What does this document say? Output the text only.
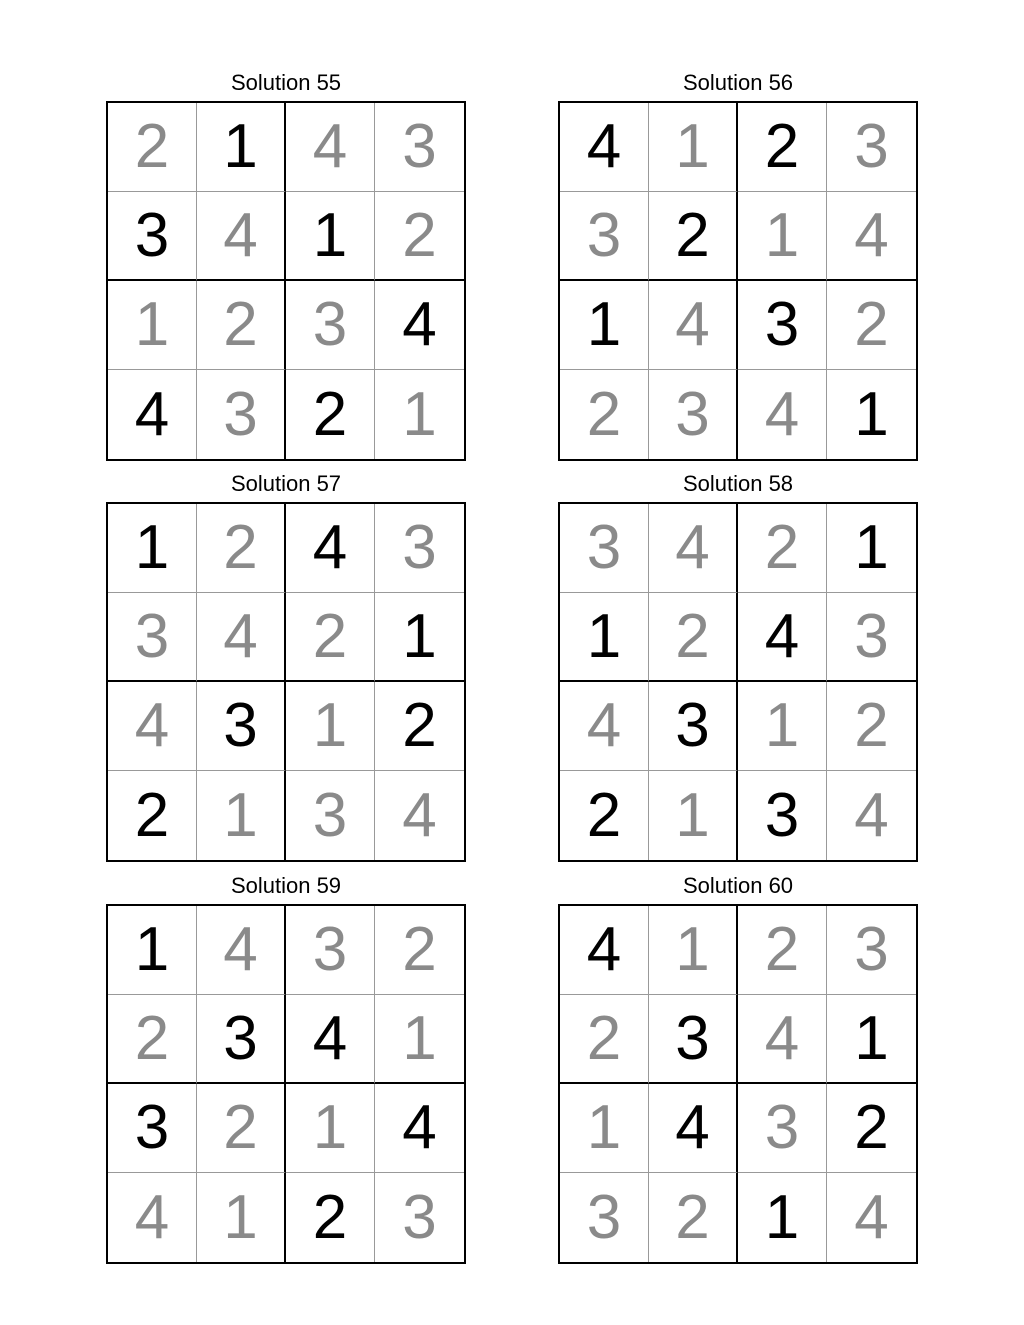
Solution 55
2 1 4 3
3 4 1 2
1 2 3 4
4 3 2 1
Solution 56
4 1 2 3
3 2 1 4
1 4 3 2
2 3 4 1
Solution 57
1 2 4 3
3 4 2 1
4 3 1 2
2 1 3 4
Solution 58
3 4 2 1
1 2 4 3
4 3 1 2
2 1 3 4
Solution 59
1 4 3 2
2 3 4 1
3 2 1 4
4 1 2 3
Solution 60
4 1 2 3
2 3 4 1
1 4 3 2
3 2 1 4
